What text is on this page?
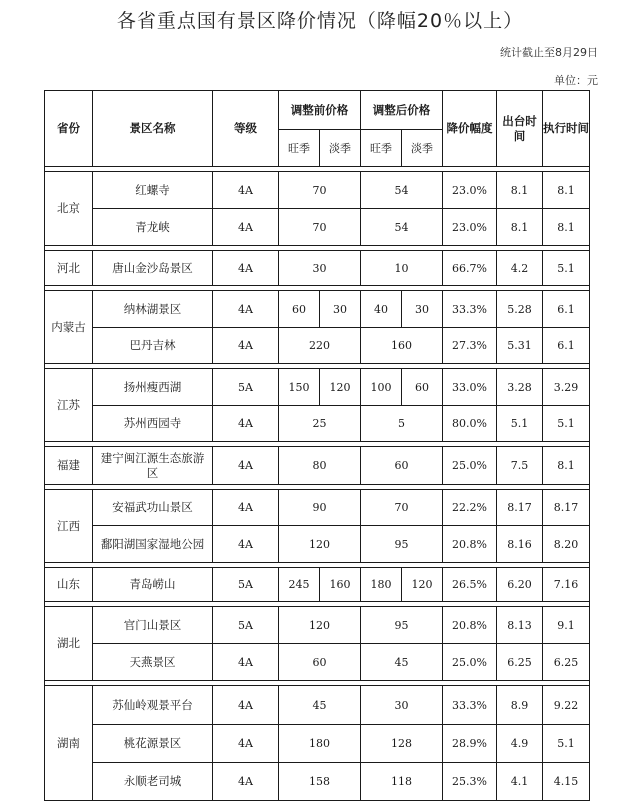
各省重点国有景区降价情况（降幅20％以上）
统计截止至8月29日
单位：元
省份	景区名称	等级	调整前价格		调整后价格		降价幅度	出台时间	执行时间
			旺季	淡季	旺季	淡季			

北京	红螺寺	4A	70		54		23.0%	8.1	8.1
	青龙峡	4A	70		54		23.0%	8.1	8.1

河北	唐山金沙岛景区	4A	30		10		66.7%	4.2	5.1

内蒙古	纳林湖景区	4A	60	30	40	30	33.3%	5.28	6.1
	巴丹吉林	4A	220		160		27.3%	5.31	6.1

江苏	扬州瘦西湖	5A	150	120	100	60	33.0%	3.28	3.29
	苏州西园寺	4A	25		5		80.0%	5.1	5.1

福建	建宁闽江源生态旅游区	4A	80		60		25.0%	7.5	8.1

江西	安福武功山景区	4A	90		70		22.2%	8.17	8.17
	鄱阳湖国家湿地公园	4A	120		95		20.8%	8.16	8.20

山东	青岛崂山	5A	245	160	180	120	26.5%	6.20	7.16

湖北	官门山景区	5A	120		95		20.8%	8.13	9.1
	天燕景区	4A	60		45		25.0%	6.25	6.25

湖南	苏仙岭观景平台	4A	45		30		33.3%	8.9	9.22
	桃花源景区	4A	180		128		28.9%	4.9	5.1
	永顺老司城	4A	158		118		25.3%	4.1	4.15
